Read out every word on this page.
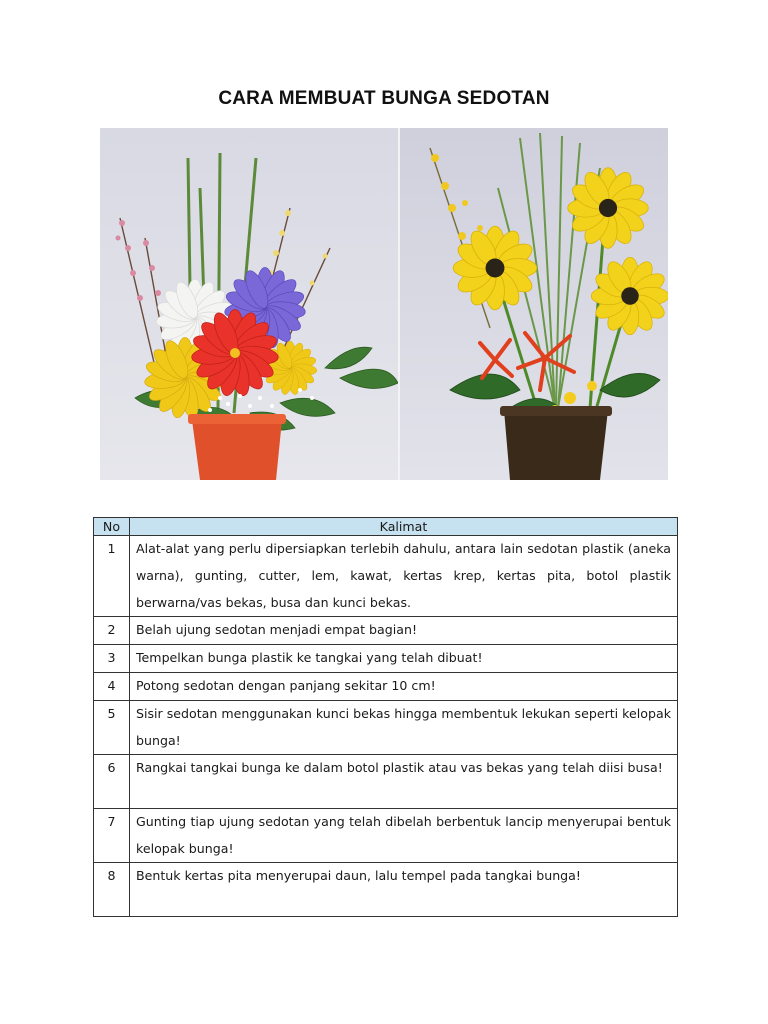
CARA MEMBUAT BUNGA SEDOTAN
No	Kalimat
1	Alat-alat yang perlu dipersiapkan terlebih dahulu, antara lain sedotan plastik (aneka warna), gunting, cutter, lem, kawat, kertas krep, kertas pita, botol plastik berwarna/vas bekas, busa dan kunci bekas.

2	Belah ujung sedotan menjadi empat bagian!

3	Tempelkan bunga plastik ke tangkai yang telah dibuat!

4	Potong sedotan dengan panjang sekitar 10 cm!

5	Sisir sedotan menggunakan kunci bekas hingga membentuk lekukan seperti kelopak bunga!

6	Rangkai tangkai bunga ke dalam botol plastik atau vas bekas yang telah diisi busa!

7	Gunting tiap ujung sedotan yang telah dibelah berbentuk lancip menyerupai bentuk kelopak bunga!

8	Bentuk kertas pita menyerupai daun, lalu tempel pada tangkai bunga!
